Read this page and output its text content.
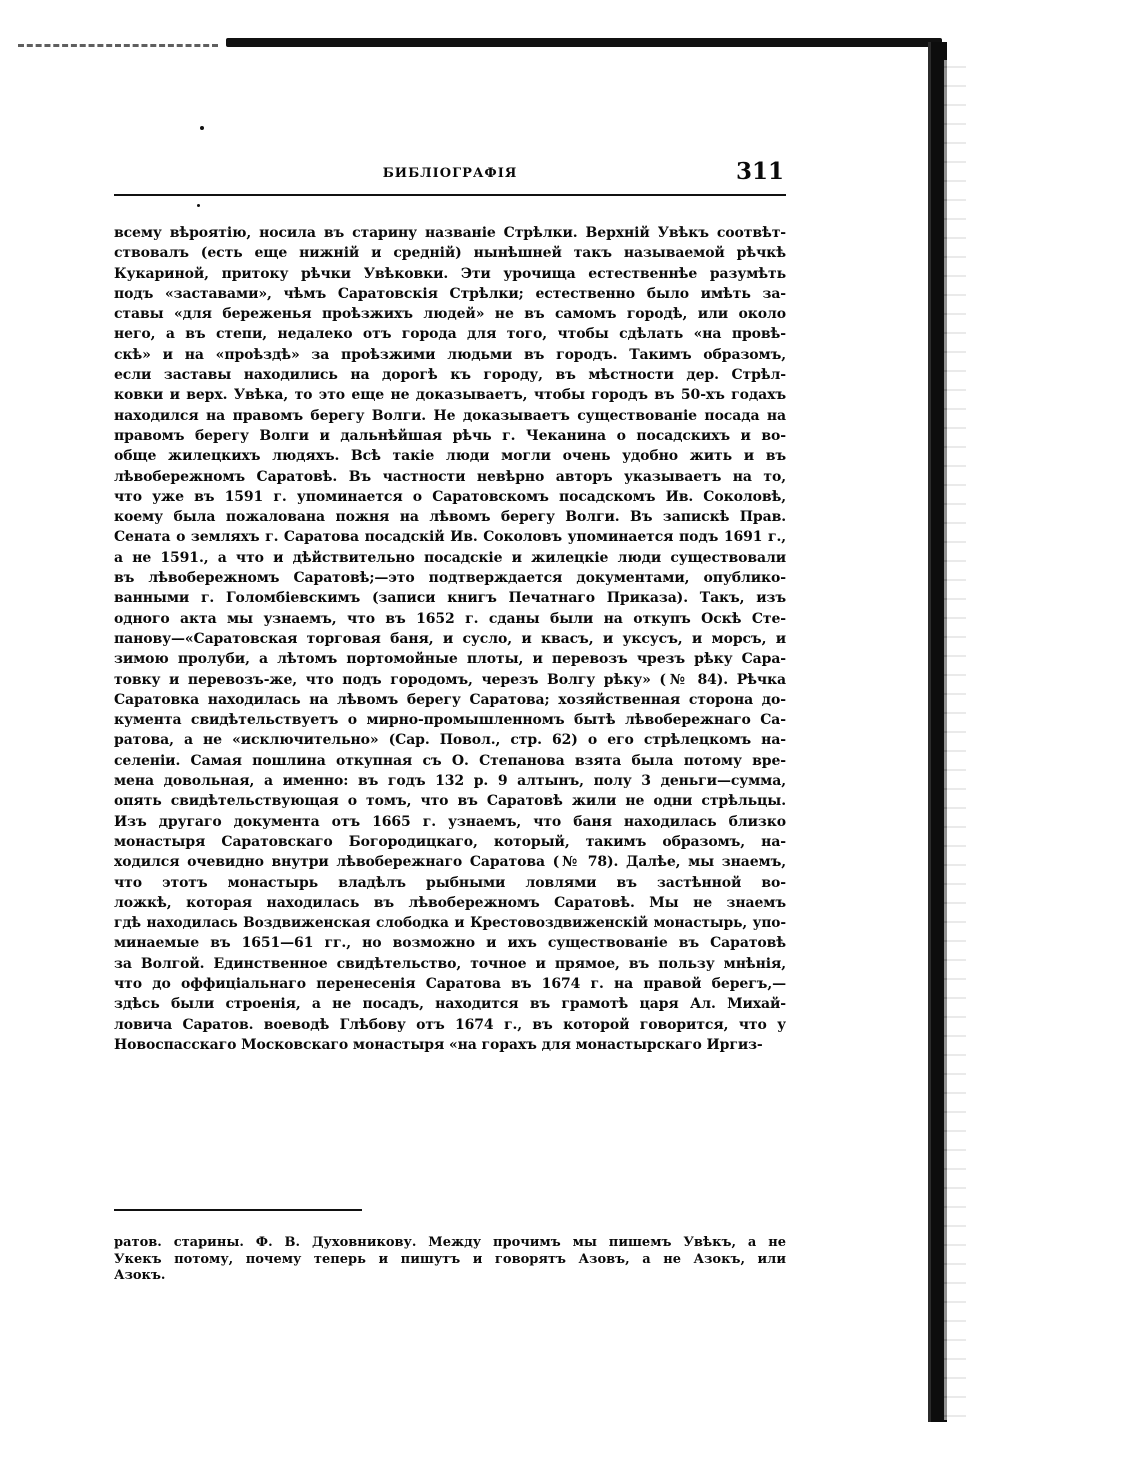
БИБЛІОГРАФІЯ	311
всему вѣроятію, носила въ старину названіе Стрѣлки. Верхній Увѣкъ соотвѣт-
ствовалъ (есть еще нижній и средній) нынѣшней такъ называемой рѣчкѣ
Кукариной, притоку рѣчки Увѣковки. Эти урочища естественнѣе разумѣть
подъ «заставами», чѣмъ Саратовскія Стрѣлки; естественно было имѣть за-
ставы «для береженья проѣзжихъ людей» не въ самомъ городѣ, или около
него, а въ степи, недалеко отъ города для того, чтобы сдѣлать «на провѣ-
скѣ» и на «проѣздѣ» за проѣзжими людьми въ городъ. Такимъ образомъ,
если заставы находились на дорогѣ къ городу, въ мѣстности дер. Стрѣл-
ковки и верх. Увѣка, то это еще не доказываетъ, чтобы городъ въ 50-хъ годахъ
находился на правомъ берегу Волги. Не доказываетъ существованіе посада на
правомъ берегу Волги и дальнѣйшая рѣчь г. Чеканина о посадскихъ и во-
обще жилецкихъ людяхъ. Всѣ такіе люди могли очень удобно жить и въ
лѣвобережномъ Саратовѣ. Въ частности невѣрно авторъ указываетъ на то,
что уже въ 1591 г. упоминается о Саратовскомъ посадскомъ Ив. Соколовѣ,
коему была пожалована пожня на лѣвомъ берегу Волги. Въ запискѣ Прав.
Сената о земляхъ г. Саратова посадскій Ив. Соколовъ упоминается подъ 1691 г.,
а не 1591., а что и дѣйствительно посадскіе и жилецкіе люди существовали
въ лѣвобережномъ Саратовѣ;—это подтверждается документами, опублико-
ванными г. Голомбіевскимъ (записи книгъ Печатнаго Приказа). Такъ, изъ
одного акта мы узнаемъ, что въ 1652 г. сданы были на откупъ Оскѣ Сте-
панову—«Саратовская торговая баня, и сусло, и квасъ, и уксусъ, и морсъ, и
зимою пролуби, а лѣтомъ портомойные плоты, и перевозъ чрезъ рѣку Сара-
товку и перевозъ-же, что подъ городомъ, черезъ Волгу рѣку» (№ 84). Рѣчка
Саратовка находилась на лѣвомъ берегу Саратова; хозяйственная сторона до-
кумента свидѣтельствуетъ о мирно-промышленномъ бытѣ лѣвобережнаго Са-
ратова, а не «исключительно» (Сар. Повол., стр. 62) о его стрѣлецкомъ на-
селеніи. Самая пошлина откупная съ О. Степанова взята была потому вре-
мена довольная, а именно: въ годъ 132 р. 9 алтынъ, полу 3 деньги—сумма,
опять свидѣтельствующая о томъ, что въ Саратовѣ жили не одни стрѣльцы.
Изъ другаго документа отъ 1665 г. узнаемъ, что баня находилась близко
монастыря Саратовскаго Богородицкаго, который, такимъ образомъ, на-
ходился очевидно внутри лѣвобережнаго Саратова (№ 78). Далѣе, мы знаемъ,
что этотъ монастырь владѣлъ рыбными ловлями въ застѣнной во-
ложкѣ, которая находилась въ лѣвобережномъ Саратовѣ. Мы не знаемъ
гдѣ находилась Воздвиженская слободка и Крестовоздвиженскій монастырь, упо-
минаемые въ 1651—61 гг., но возможно и ихъ существованіе въ Саратовѣ
за Волгой. Единственное свидѣтельство, точное и прямое, въ пользу мнѣнія,
что до оффиціальнаго перенесенія Саратова въ 1674 г. на правой берегъ,—
здѣсь были строенія, а не посадъ, находится въ грамотѣ царя Ал. Михай-
ловича Саратов. воеводѣ Глѣбову отъ 1674 г., въ которой говорится, что у
Новоспасскаго Московскаго монастыря «на горахъ для монастырскаго Иргиз-
ратов. старины. Ф. В. Духовникову. Между прочимъ мы пишемъ Увѣкъ, а не
Укекъ потому, почему теперь и пишутъ и говорятъ Азовъ, а не Азокъ, или
Азокъ.
